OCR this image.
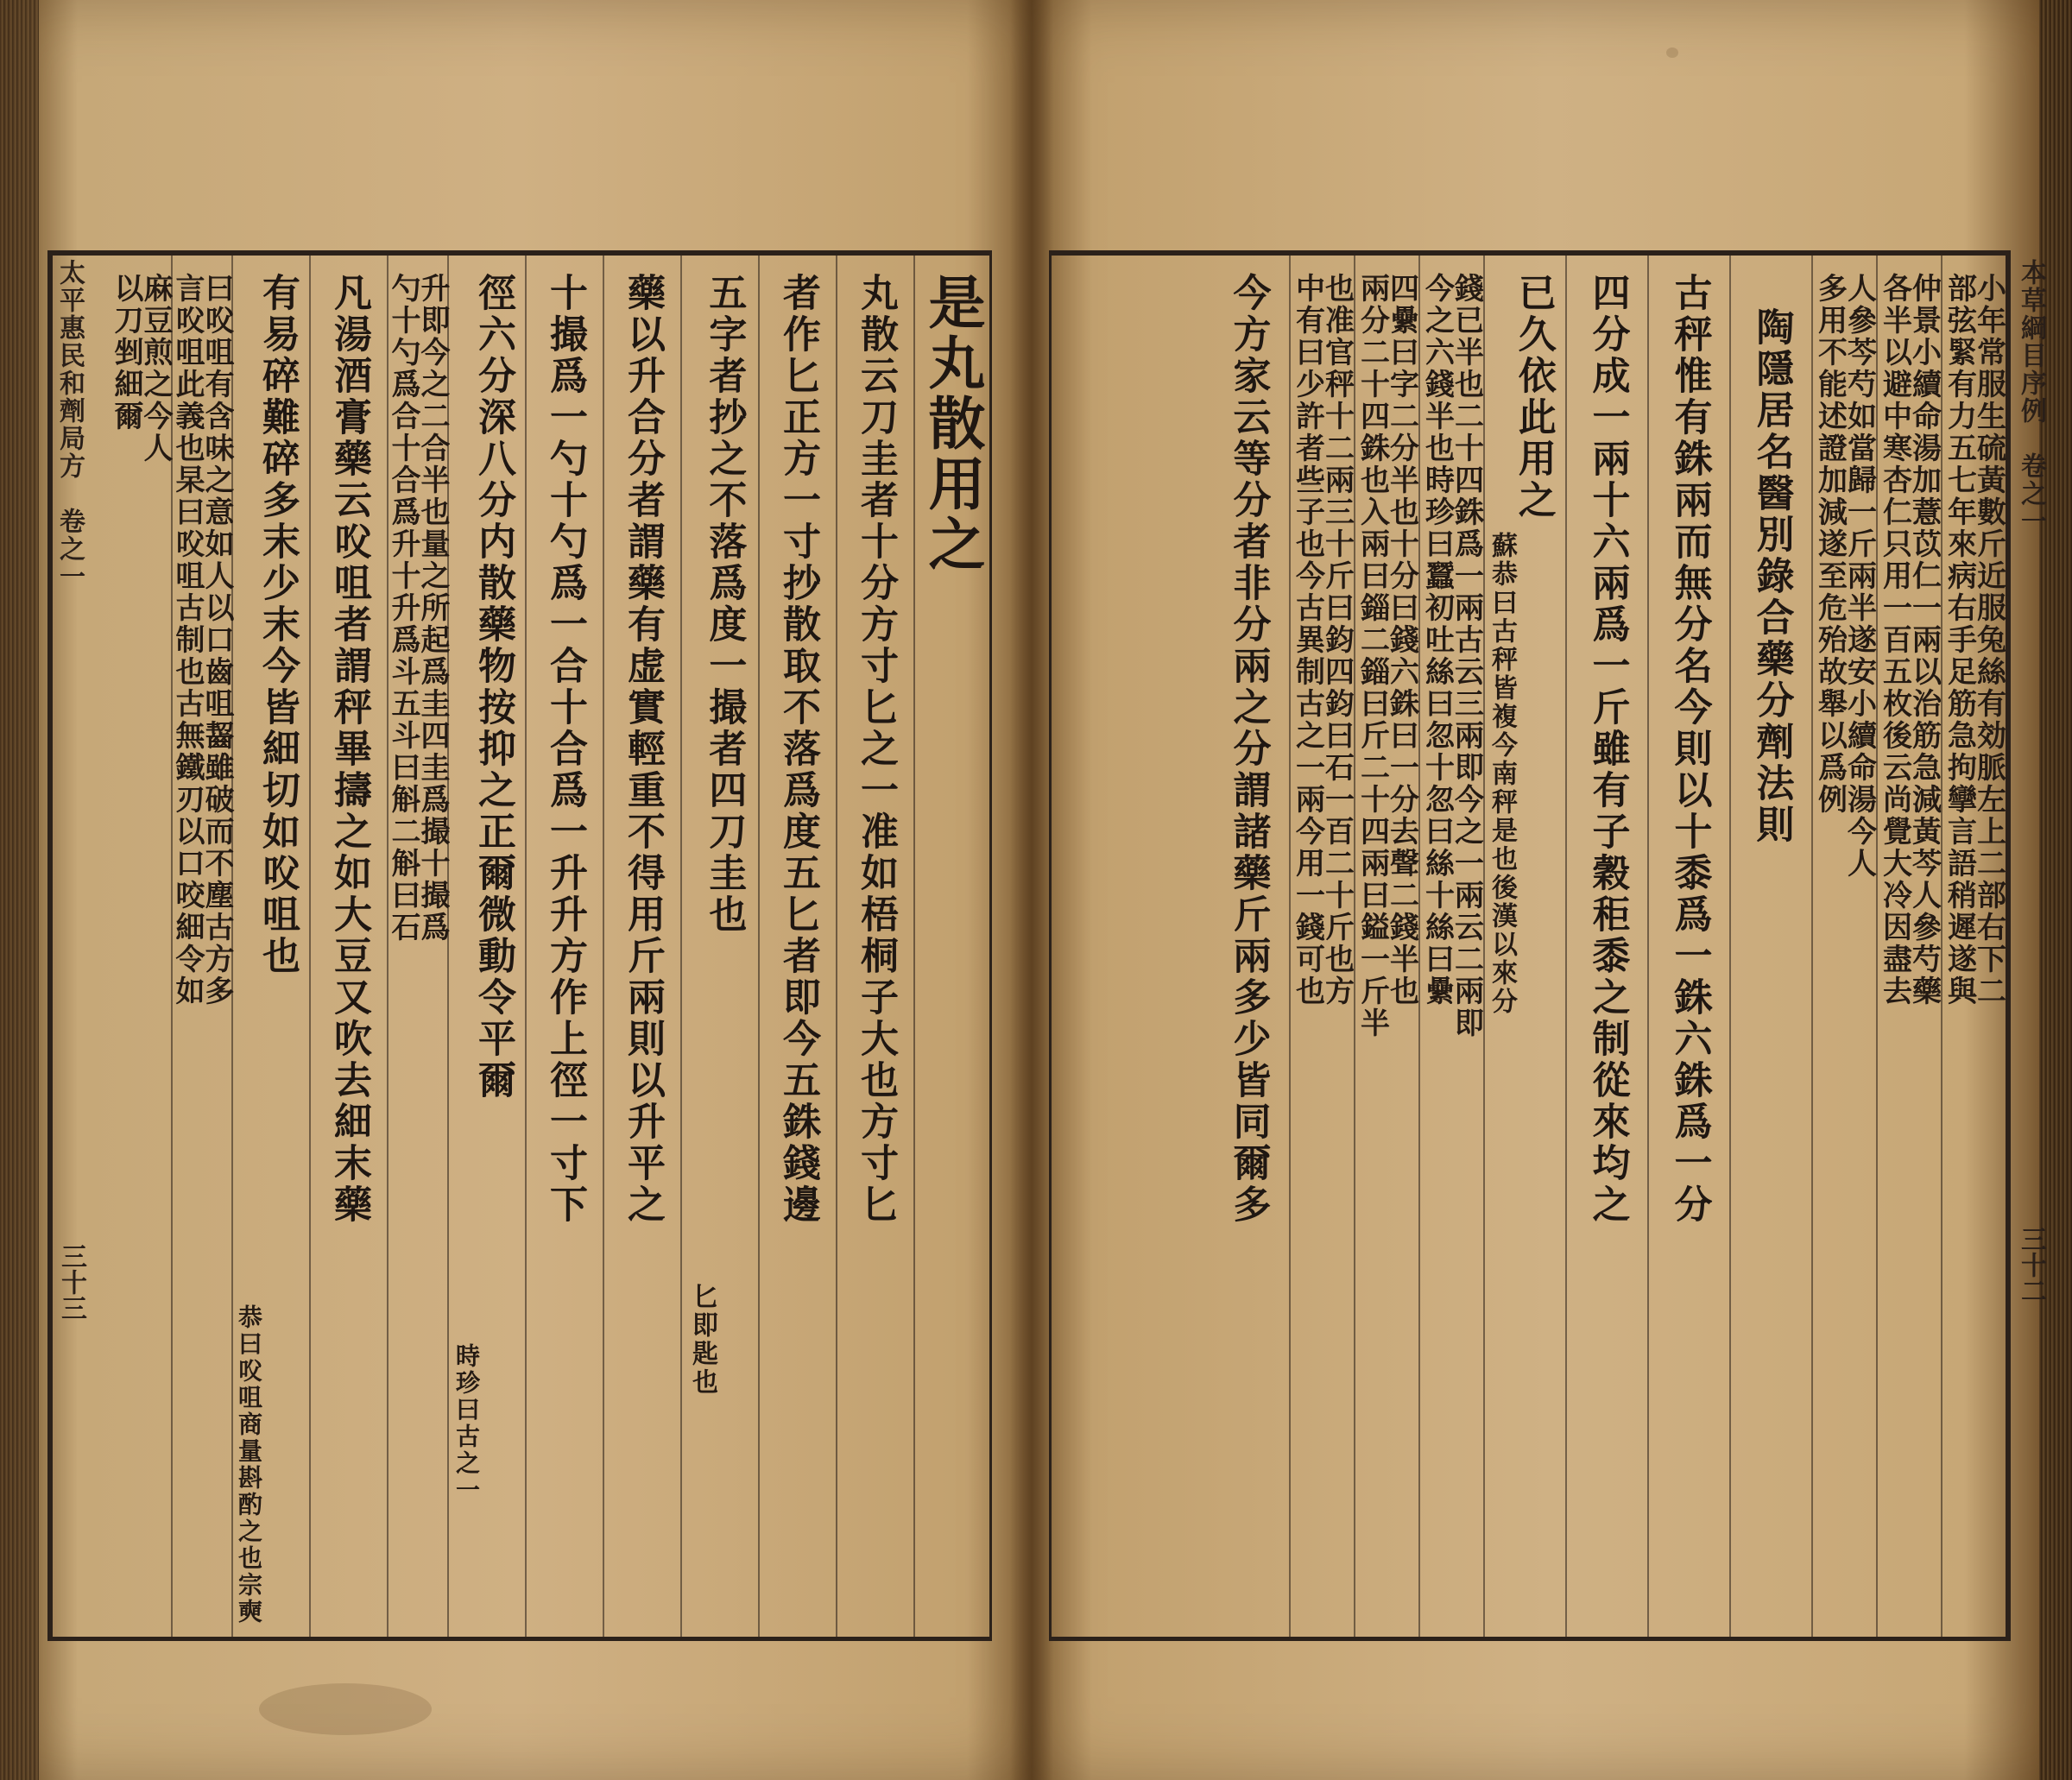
是丸散用之
丸散云刀圭者十分方寸匕之一准如梧桐子大也方寸匕
者作匕正方一寸抄散取不落爲度五匕者即今五銖錢邊
五字者抄之不落爲度一撮者四刀圭也
匕即匙也
藥以升合分者謂藥有虚實輕重不得用斤兩則以升平之
十撮爲一勺十勺爲一合十合爲一升升方作上徑一寸下
徑六分深八分内散藥物按抑之正爾微動令平爾
時珍曰古之一
升即今之二合半也量之所起爲圭四圭爲撮十撮爲
勺十勺爲合十合爲升十升爲斗五斗曰斛二斛曰石
凡湯酒膏藥云㕮咀者謂秤畢擣之如大豆又吹去細末藥
有易碎難碎多末少末今皆細切如㕮咀也
恭曰㕮咀商量斟酌之也宗奭
曰㕮咀有含味之意如人以口齒咀齧雖破而不塵古方多
言㕮咀此義也杲曰㕮咀古制也古無鐵刃以口咬細令如
麻豆煎之今人
以刀剉細爾	小年常服生硫黃數斤近服兔絲有効脈左上二部右下二
部弦緊有力五七年來病右手足筋急拘攣言語稍遲遂與
仲景小續命湯加薏苡仁一兩以治筋急減黃芩人參芍藥
各半以避中寒杏仁只用一百五枚後云尚覺大冷因盡去
人參芩芍如當歸一斤兩半遂安小續命湯今人
多用不能述證加減遂至危殆故舉以爲例
陶隱居名醫別錄合藥分劑法則
古秤惟有銖兩而無分名今則以十黍爲一銖六銖爲一分
四分成一兩十六兩爲一斤雖有子穀秬黍之制從來均之
已久依此用之
蘇恭曰古秤皆複今南秤是也後漢以來分
錢已半也二十四銖爲一兩古云三兩即今之一兩云二兩即
今之六錢半也時珍曰蠶初吐絲曰忽十忽曰絲十絲曰纍
四纍曰字二分半也十分曰錢六銖曰一分去聲二錢半也
兩分二十四銖也入兩曰錙二錙曰斤二十四兩曰鎰一斤半
也准官秤十二兩三十斤曰鈞四鈞曰石一百二十斤也方
中有曰少許者些子也今古異制古之一兩今用一錢可也
今方家云等分者非分兩之分謂諸藥斤兩多少皆同爾多
太平惠民和劑局方　卷之一
三十三
本草綱目序例　卷之一
三十二
